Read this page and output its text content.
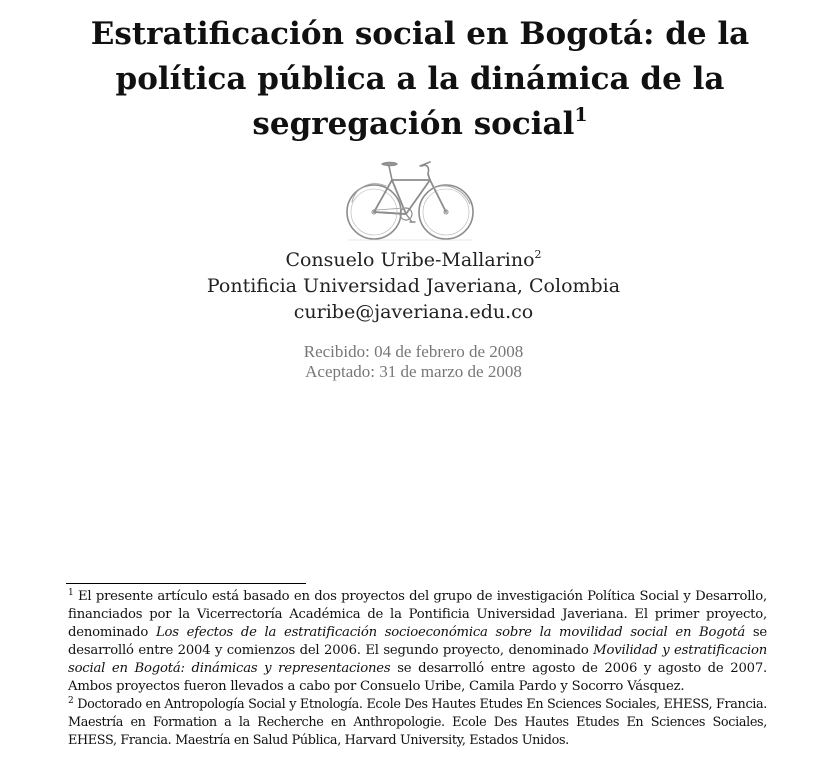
Estratificación social en Bogotá: de la política pública a la dinámica de la segregación social$^1$
Consuelo Uribe-Mallarino$^2$
Pontificia Universidad Javeriana, Colombia
curibe@javeriana.edu.co
Recibido: 04 de febrero de 2008
Aceptado: 31 de marzo de 2008

$^1$ El presente artículo está basado en dos proyectos del grupo de investigación Política Social y Desarrollo, financiados por la Vicerrectoría Académica de la Pontificia Universidad Javeriana. El primer proyecto, denominado Los efectos de la estratificación socioeconómica sobre la movilidad social en Bogotá se desarrolló entre 2004 y comienzos del 2006. El segundo proyecto, denominado Movilidad y estratificacion social en Bogotá: dinámicas y representaciones se desarrolló entre agosto de 2006 y agosto de 2007. Ambos proyectos fueron llevados a cabo por Consuelo Uribe, Camila Pardo y Socorro Vásquez.

$^2$ Doctorado en Antropología Social y Etnología. Ecole Des Hautes Etudes En Sciences Sociales, EHESS, Francia. Maestría en Formation a la Recherche en Anthropologie. Ecole Des Hautes Etudes En Sciences Sociales, EHESS, Francia. Maestría en Salud Pública, Harvard University, Estados Unidos.
